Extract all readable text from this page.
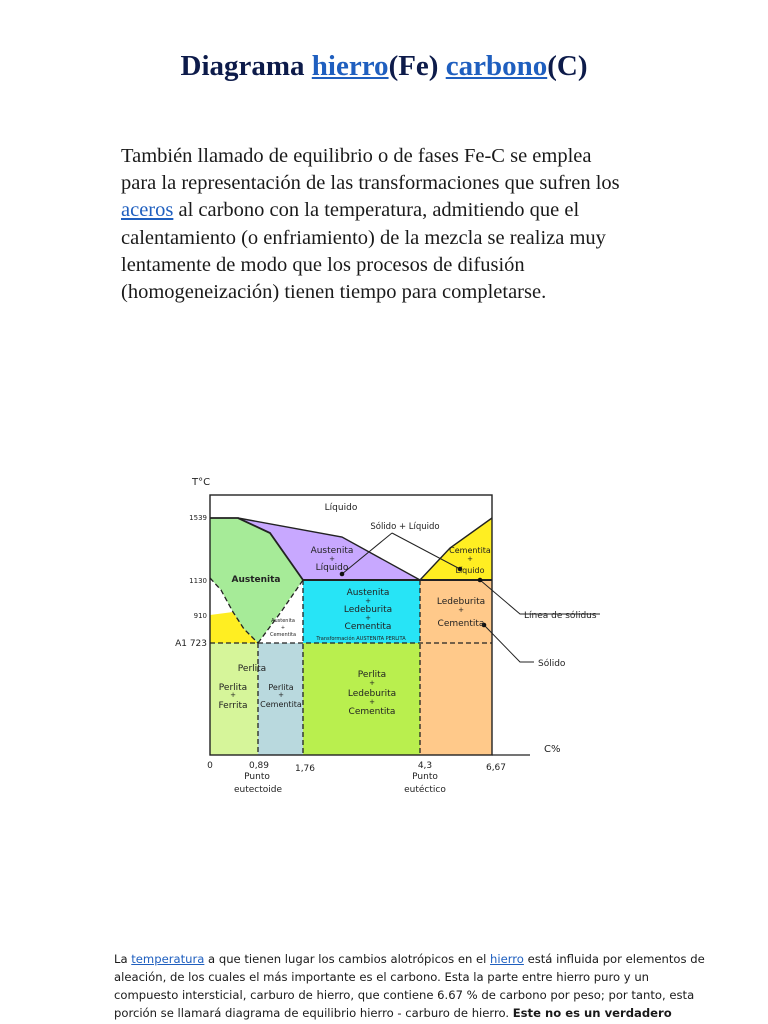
Diagrama hierro(Fe) carbono(C)

También llamado de equilibrio o de fases Fe-C se emplea para la representación de las transformaciones que sufren los aceros al carbono con la temperatura, admitiendo que el calentamiento (o enfriamiento) de la mezcla se realiza muy lentamente de modo que los procesos de difusión (homogeneización) tienen tiempo para completarse.

T°C
C%
1539
1130
910
A1 723
0	0,89	1,76	4,3	6,67
Punto
eutectoide
Punto
eutéctico
Líquido
Sólido + Líquido
Austenita
+
Líquido
Cementita
+
Líquido
Austenita
Austenita
+
Ledeburita
+
Cementita
Ledeburita
+
Cementita
Austenita
+
Cementita
Transformación AUSTENITA PERLITA
Perlita
Perlita
+
Ferrita
Perlita
+
Cementita
Perlita
+
Ledeburita
+
Cementita
Línea de sólidus
Sólido

La temperatura a que tienen lugar los cambios alotrópicos en el hierro está influida por elementos de aleación, de los cuales el más importante es el carbono. Esta la parte entre hierro puro y un compuesto intersticial, carburo de hierro, que contiene 6.67 % de carbono por peso; por tanto, esta porción se llamará diagrama de equilibrio hierro - carburo de hierro. Este no es un verdadero
